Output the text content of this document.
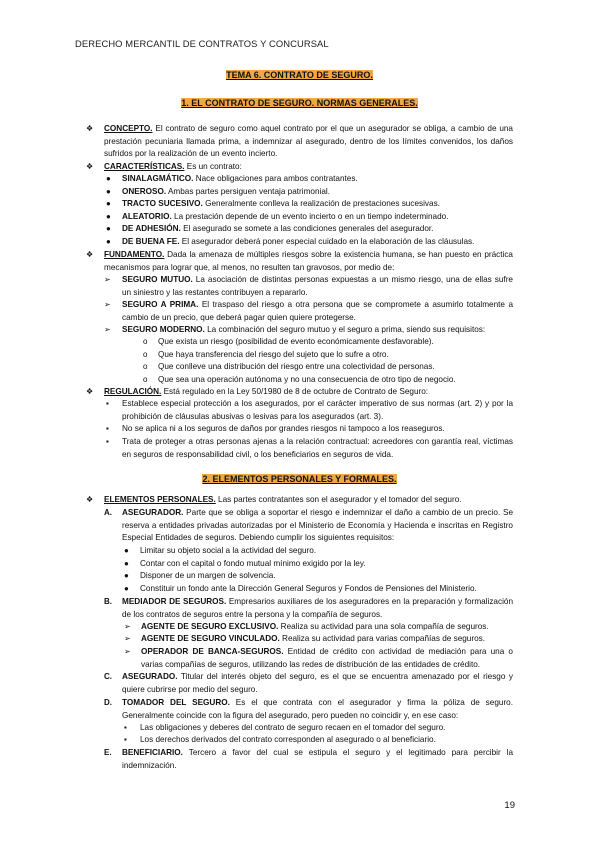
DERECHO MERCANTIL DE CONTRATOS Y CONCURSAL
TEMA 6. CONTRATO DE SEGURO.
1. EL CONTRATO DE SEGURO. NORMAS GENERALES.
❖ CONCEPTO. El contrato de seguro como aquel contrato por el que un asegurador se obliga, a cambio de una prestación pecuniaria llamada prima, a indemnizar al asegurado, dentro de los límites convenidos, los daños sufridos por la realización de un evento incierto.

❖ CARACTERÍSTICAS. Es un contrato:
● SINALAGMÁTICO. Nace obligaciones para ambos contratantes.
● ONEROSO. Ambas partes persiguen ventaja patrimonial.
● TRACTO SUCESIVO. Generalmente conlleva la realización de prestaciones sucesivas.
● ALEATORIO. La prestación depende de un evento incierto o en un tiempo indeterminado.
● DE ADHESIÓN. El asegurado se somete a las condiciones generales del asegurador.
● DE BUENA FE. El asegurador deberá poner especial cuidado en la elaboración de las cláusulas.
❖ FUNDAMENTO. Dada la amenaza de múltiples riesgos sobre la existencia humana, se han puesto en práctica mecanismos para lograr que, al menos, no resulten tan gravosos, por medio de:

➢ SEGURO MUTUO. La asociación de distintas personas expuestas a un mismo riesgo, una de ellas sufre un siniestro y las restantes contribuyen a repararlo.

➢ SEGURO A PRIMA. El traspaso del riesgo a otra persona que se compromete a asumirlo totalmente a cambio de un precio, que deberá pagar quien quiere protegerse.

➢ SEGURO MODERNO. La combinación del seguro mutuo y el seguro a prima, siendo sus requisitos:
o Que exista un riesgo (posibilidad de evento económicamente desfavorable).
o Que haya transferencia del riesgo del sujeto que lo sufre a otro.
o Que conlleve una distribución del riesgo entre una colectividad de personas.
o Que sea una operación autónoma y no una consecuencia de otro tipo de negocio.
❖ REGULACIÓN. Está regulado en la Ley 50/1980 de 8 de octubre de Contrato de Seguro:
▪ Establece especial protección a los asegurados, por el carácter imperativo de sus normas (art. 2) y por la prohibición de cláusulas abusivas o lesivas para los asegurados (art. 3).

▪ No se aplica ni a los seguros de daños por grandes riesgos ni tampoco a los reaseguros.
▪ Trata de proteger a otras personas ajenas a la relación contractual: acreedores con garantía real, víctimas en seguros de responsabilidad civil, o los beneficiarios en seguros de vida.

2. ELEMENTOS PERSONALES Y FORMALES.
❖ ELEMENTOS PERSONALES. Las partes contratantes son el asegurador y el tomador del seguro.
A. ASEGURADOR. Parte que se obliga a soportar el riesgo e indemnizar el daño a cambio de un precio. Se reserva a entidades privadas autorizadas por el Ministerio de Economía y Hacienda e inscritas en Registro Especial Entidades de seguros. Debiendo cumplir los siguientes requisitos:

● Limitar su objeto social a la actividad del seguro.
● Contar con el capital o fondo mutual mínimo exigido por la ley.
● Disponer de un margen de solvencia.
● Constituir un fondo ante la Dirección General Seguros y Fondos de Pensiones del Ministerio.
B. MEDIADOR DE SEGUROS. Empresarios auxiliares de los aseguradores en la preparación y formalización de los contratos de seguros entre la persona y la compañía de seguros.

➢ AGENTE DE SEGURO EXCLUSIVO. Realiza su actividad para una sola compañía de seguros.
➢ AGENTE DE SEGURO VINCULADO. Realiza su actividad para varias compañías de seguros.
➢ OPERADOR DE BANCA-SEGUROS. Entidad de crédito con actividad de mediación para una o varias compañías de seguros, utilizando las redes de distribución de las entidades de crédito.

C. ASEGURADO. Titular del interés objeto del seguro, es el que se encuentra amenazado por el riesgo y quiere cubrirse por medio del seguro.

D. TOMADOR DEL SEGURO. Es el que contrata con el asegurador y firma la póliza de seguro. Generalmente coincide con la figura del asegurado, pero pueden no coincidir y, en ese caso:

▪ Las obligaciones y deberes del contrato de seguro recaen en el tomador del seguro.
▪ Los derechos derivados del contrato corresponden al asegurado o al beneficiario.
E. BENEFICIARIO. Tercero a favor del cual se estipula el seguro y el legitimado para percibir la indemnización.

19
